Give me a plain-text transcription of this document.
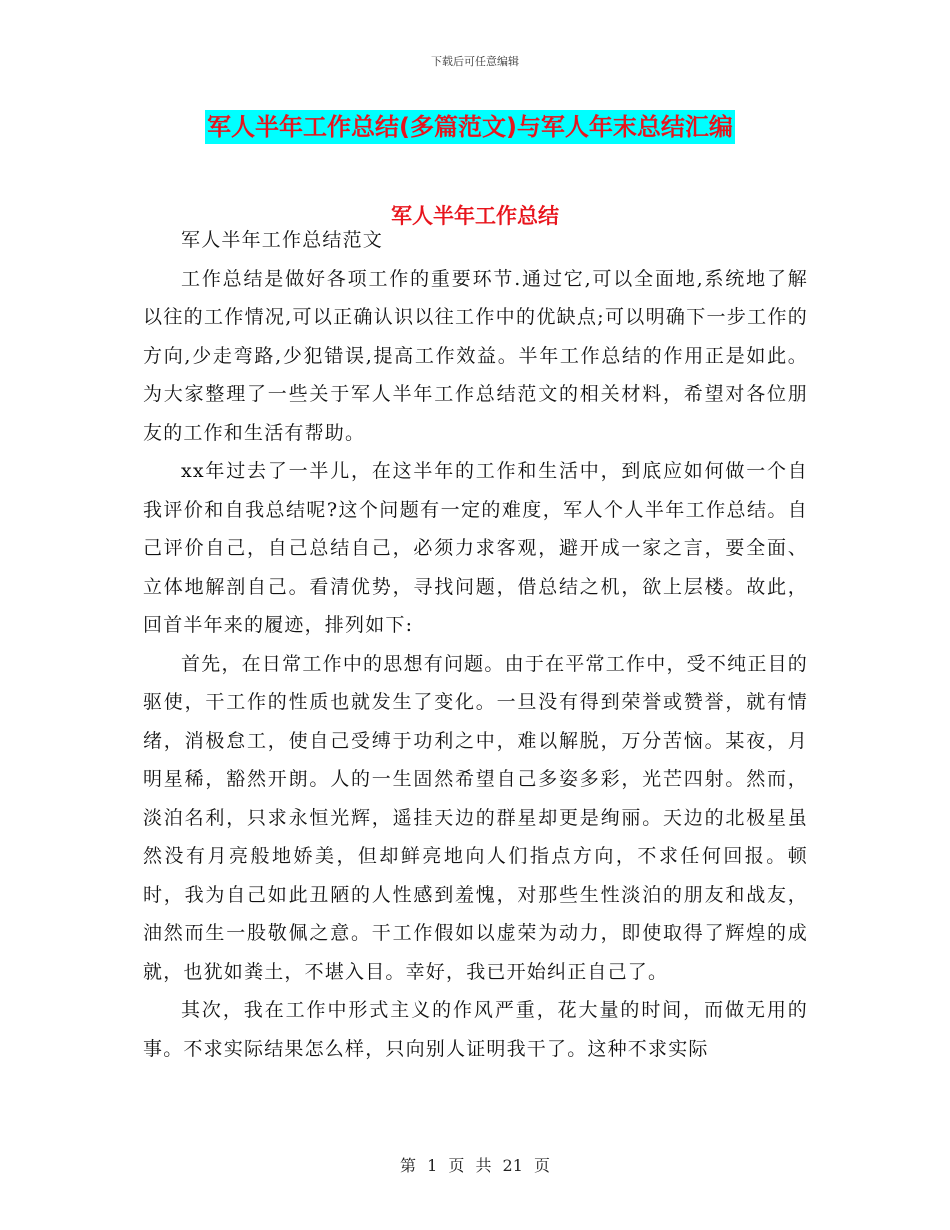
下载后可任意编辑
军人半年工作总结(多篇范文)与军人年末总结汇编
军人半年工作总结

军人半年工作总结范文

工作总结是做好各项工作的重要环节.通过它,可以全面地,系统地了解以往的工作情况,可以正确认识以往工作中的优缺点;可以明确下一步工作的方向,少走弯路,少犯错误,提高工作效益。半年工作总结的作用正是如此。为大家整理了一些关于军人半年工作总结范文的相关材料，希望对各位朋友的工作和生活有帮助。

xx年过去了一半儿，在这半年的工作和生活中，到底应如何做一个自我评价和自我总结呢?这个问题有一定的难度，军人个人半年工作总结。自己评价自己，自己总结自己，必须力求客观，避开成一家之言，要全面、立体地解剖自己。看清优势，寻找问题，借总结之机，欲上层楼。故此，回首半年来的履迹，排列如下:

首先，在日常工作中的思想有问题。由于在平常工作中，受不纯正目的驱使，干工作的性质也就发生了变化。一旦没有得到荣誉或赞誉，就有情绪，消极怠工，使自己受缚于功利之中，难以解脱，万分苦恼。某夜，月明星稀，豁然开朗。人的一生固然希望自己多姿多彩，光芒四射。然而，淡泊名利，只求永恒光辉，遥挂天边的群星却更是绚丽。天边的北极星虽然没有月亮般地娇美，但却鲜亮地向人们指点方向，不求任何回报。顿时，我为自己如此丑陋的人性感到羞愧，对那些生性淡泊的朋友和战友，油然而生一股敬佩之意。干工作假如以虚荣为动力，即使取得了辉煌的成就，也犹如粪土，不堪入目。幸好，我已开始纠正自己了。

其次，我在工作中形式主义的作风严重，花大量的时间，而做无用的事。不求实际结果怎么样，只向别人证明我干了。这种不求实际

第 1 页 共 21 页
